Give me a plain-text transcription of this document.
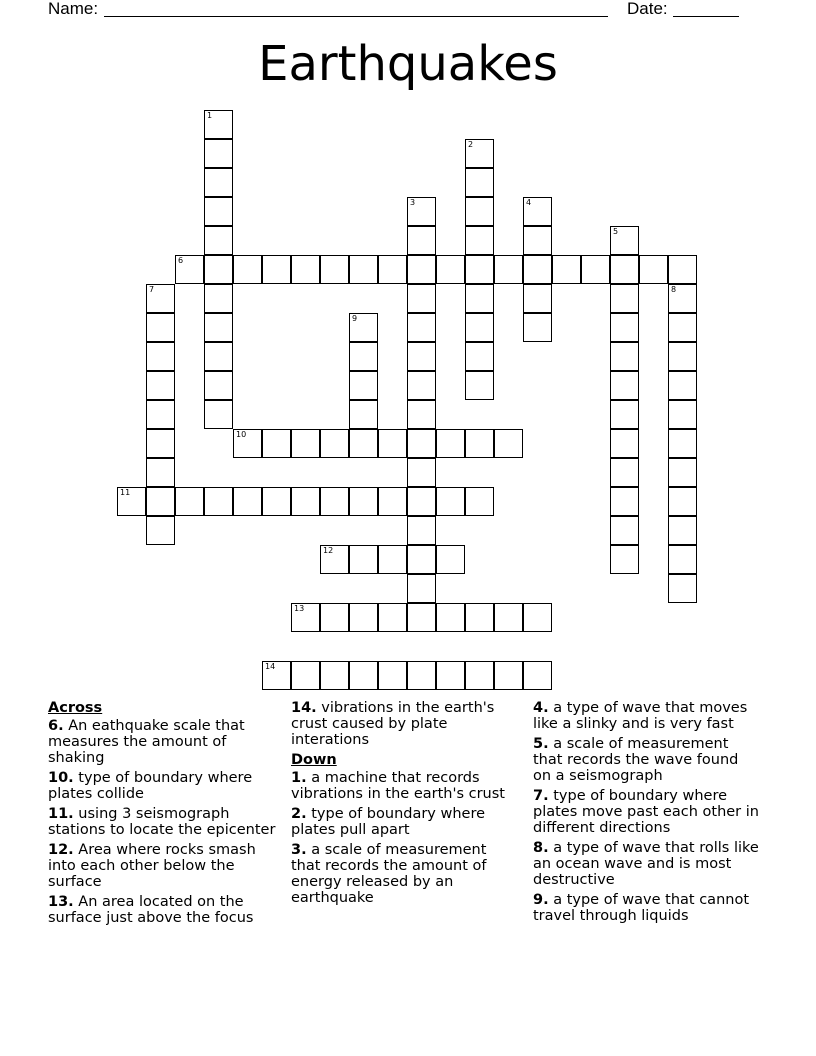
Name:	Date:
Earthquakes
1
2
3	4
5
6
7	8
9
10
11
12
13
14
Across
6. An eathquake scale that measures the amount of shaking
10. type of boundary where plates collide
11. using 3 seismograph stations to locate the epicenter
12. Area where rocks smash into each other below the surface
13. An area located on the surface just above the focus
14. vibrations in the earth's crust caused by plate interations
Down
1. a machine that records vibrations in the earth's crust
2. type of boundary where plates pull apart
3. a scale of measurement that records the amount of energy released by an earthquake
4. a type of wave that moves like a slinky and is very fast
5. a scale of measurement that records the wave found on a seismograph
7. type of boundary where plates move past each other in different directions
8. a type of wave that rolls like an ocean wave and is most destructive
9. a type of wave that cannot travel through liquids
